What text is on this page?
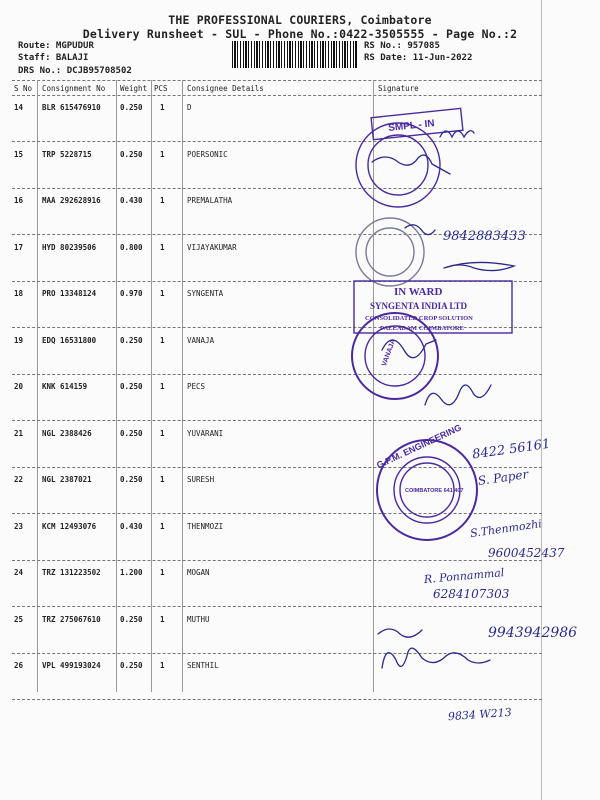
THE PROFESSIONAL COURIERS, Coimbatore
Delivery Runsheet - SUL - Phone No.:0422-3505555 - Page No.:2
Route: MGPUDUR
Staff: BALAJI
DRS No.: DCJB95708502
RS No.: 957085
RS Date: 11-Jun-2022
S No Consignment No Weight PCS	Consignee Details	Signature
14	BLR 615476910	0.250 1	D
15	TRP 5228715	0.250 1	POERSONIC
16	MAA 292628916	0.430 1	PREMALATHA
17	HYD 80239506	0.800 1	VIJAYAKUMAR
18	PRO 13348124	0.970 1	SYNGENTA
19	EDQ 16531800	0.250 1	VANAJA
20	KNK 614159	0.250 1	PECS
21	NGL 2388426	0.250 1	YUVARANI
22	NGL 2387021	0.250 1	SURESH
23	KCM 12493076	0.430 1	THENMOZI
24	TRZ 131223502	1.200 1	MOGAN
25	TRZ 275067610	0.250 1	MUTHU
26	VPL 499193024	0.250 1	SENTHIL
SMPL - IN
IN WARD
SYNGENTA INDIA LTD
CONSOLIDATED CROP SOLUTION
PALLADAM COIMBATORE
VANAJA
G.P.M. ENGINEERING
COIMBATORE 641 407
9842883433
8422 56161
S. Paper
S.Thenmozhi
9600452437
R. Ponnammal
6284107303
9943942986
9834 W213
